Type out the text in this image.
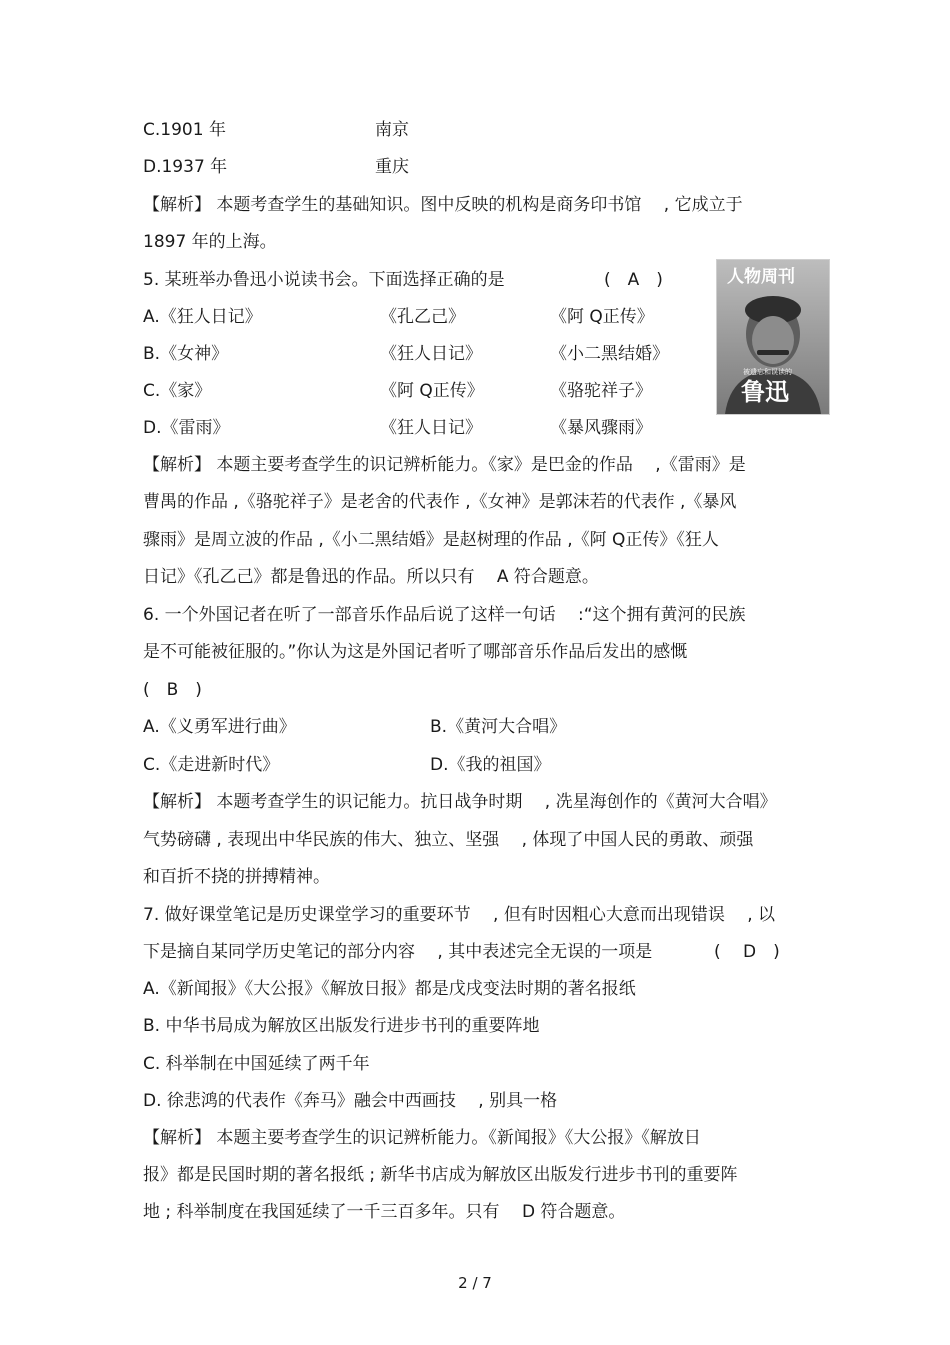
C.1901 年	南京
D.1937 年	重庆
【解析】 本题考查学生的基础知识。图中反映的机构是商务印书馆　 , 它成立于
1897 年的上海。
5. 某班举办鲁迅小说读书会。下面选择正确的是	(　A　)
A.《狂人日记》	《孔乙己》	《阿 Q正传》
B.《女神》	《狂人日记》	《小二黑结婚》
C.《家》	《阿 Q正传》	《骆驼祥子》
D.《雷雨》	《狂人日记》	《暴风骤雨》
人物周刊
被遗忘和误读的
鲁迅
【解析】 本题主要考查学生的识记辨析能力。《家》是巴金的作品　 ,《雷雨》是
曹禺的作品 ,《骆驼祥子》是老舍的代表作 ,《女神》是郭沫若的代表作 ,《暴风
骤雨》是周立波的作品 ,《小二黑结婚》是赵树理的作品 ,《阿 Q正传》《狂人
日记》《孔乙己》都是鲁迅的作品。所以只有　 A 符合题意。
6. 一个外国记者在听了一部音乐作品后说了这样一句话　 :“这个拥有黄河的民族
是不可能被征服的。”你认为这是外国记者听了哪部音乐作品后发出的感慨
(　B　)
A.《义勇军进行曲》	B.《黄河大合唱》
C.《走进新时代》	D.《我的祖国》
【解析】 本题考查学生的识记能力。抗日战争时期　 , 冼星海创作的《黄河大合唱》
气势磅礴 , 表现出中华民族的伟大、独立、坚强　 , 体现了中国人民的勇敢、顽强
和百折不挠的拼搏精神。
7. 做好课堂笔记是历史课堂学习的重要环节　 , 但有时因粗心大意而出现错误　 , 以
下是摘自某同学历史笔记的部分内容　 , 其中表述完全无误的一项是	(　 D　)
A.《新闻报》《大公报》《解放日报》都是戊戌变法时期的著名报纸
B. 中华书局成为解放区出版发行进步书刊的重要阵地
C. 科举制在中国延续了两千年
D. 徐悲鸿的代表作《奔马》融会中西画技　 , 别具一格
【解析】 本题主要考查学生的识记辨析能力。《新闻报》《大公报》《解放日
报》都是民国时期的著名报纸 ; 新华书店成为解放区出版发行进步书刊的重要阵
地 ; 科举制度在我国延续了一千三百多年。只有　 D 符合题意。
2 / 7
